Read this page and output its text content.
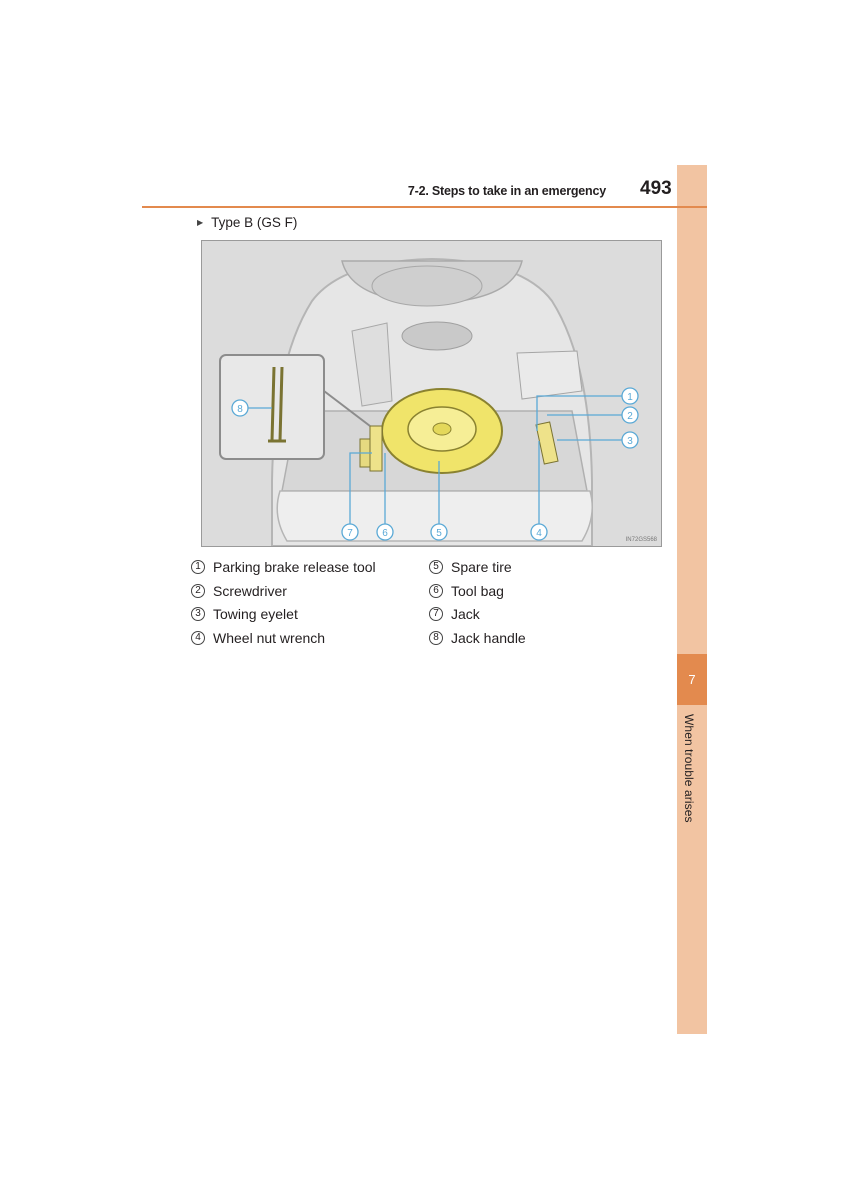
7
When trouble arises
7-2. Steps to take in an emergency 493
▶ Type B (GS F)
8
1
2
3
4
5
6
7
IN72GS568
1 Parking brake release tool
2 Screwdriver
3 Towing eyelet
4 Wheel nut wrench
5 Spare tire
6 Tool bag
7 Jack
8 Jack handle
